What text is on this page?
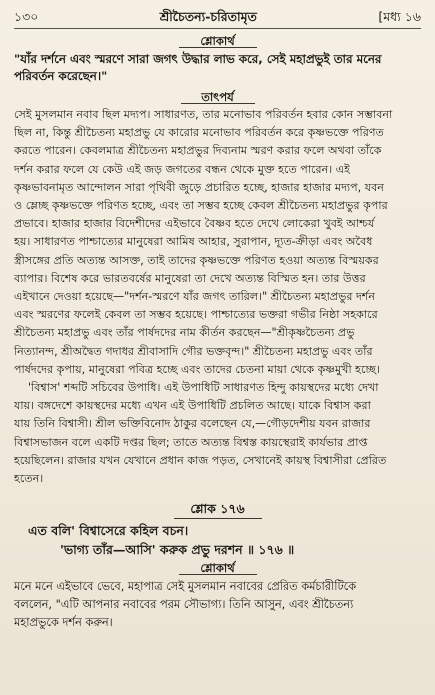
১৩০	শ্রীচৈতন্য-চরিতামৃত	[মধ্য ১৬
শ্লোকার্থ
"যাঁর দর্শনে এবং স্মরণে সারা জগৎ উদ্ধার লাভ করে, সেই মহাপ্রভুই তার মনের
পরিবর্তন করেছেন।"
তাৎপর্য
সেই মুসলমান নবাব ছিল মদ্যপ। সাধারণত, তার মনোভাব পরিবর্তন হবার কোন সম্ভাবনা
ছিল না, কিন্তু শ্রীচৈতন্য মহাপ্রভু যে কারোর মনোভাব পরিবর্তন করে কৃষ্ণভক্তে পরিণত
করতে পারেন। কেবলমাত্র শ্রীচৈতন্য মহাপ্রভুর দিব্যনাম স্মরণ করার ফলে অথবা তাঁকে
দর্শন করার ফলে যে কেউ এই জড় জগতের বন্ধন থেকে মুক্ত হতে পারেন। এই
কৃষ্ণভাবনামৃত আন্দোলন সারা পৃথিবী জুড়ে প্রচারিত হচ্ছে, হাজার হাজার মদ্যপ, যবন
ও ম্লেচ্ছ কৃষ্ণভক্তে পরিণত হচ্ছে, এবং তা সম্ভব হচ্ছে কেবল শ্রীচৈতন্য মহাপ্রভুর কৃপার
প্রভাবে। হাজার হাজার বিদেশীদের এইভাবে বৈষ্ণব হতে দেখে লোকেরা খুবই আশ্চর্য
হয়। সাধারণত পাশ্চাত্যের মানুষেরা আমিষ আহার, সুরাপান, দ্যূত-ক্রীড়া এবং অবৈধ
স্ত্রীসঙ্গের প্রতি অত্যন্ত আসক্ত, তাই তাদের কৃষ্ণভক্তে পরিণত হওয়া অত্যন্ত বিস্ময়কর
ব্যাপার। বিশেষ করে ভারতবর্ষের মানুষেরা তা দেখে অত্যন্ত বিস্মিত হন। তার উত্তর
এইখানে দেওয়া হয়েছে—"দর্শন-স্মরণে যাঁর জগৎ তারিল।" শ্রীচৈতন্য মহাপ্রভুর দর্শন
এবং স্মরণের ফলেই কেবল তা সম্ভব হয়েছে। পাশ্চাত্যের ভক্তরা গভীর নিষ্ঠা সহকারে
শ্রীচৈতন্য মহাপ্রভু এবং তাঁর পার্ষদদের নাম কীর্তন করছেন—"শ্রীকৃষ্ণচৈতন্য প্রভু
নিত্যানন্দ, শ্রীঅদ্বৈত গদাধর শ্রীবাসাদি গৌর ভক্তবৃন্দ।" শ্রীচৈতন্য মহাপ্রভু এবং তাঁর
পার্ষদদের কৃপায়, মানুষেরা পবিত্র হচ্ছে এবং তাদের চেতনা মায়া থেকে কৃষ্ণমুখী হচ্ছে।
'বিশ্বাস' শব্দটি সচিবের উপাধি। এই উপাধিটি সাধারণত হিন্দু কায়স্থদের মধ্যে দেখা
যায়। বঙ্গদেশে কায়স্থদের মধ্যে এখন এই উপাধিটি প্রচলিত আছে। যাকে বিশ্বাস করা
যায় তিনি বিশ্বাসী। শ্রীল ভক্তিবিনোদ ঠাকুর বলেছেন যে,—গৌড়দেশীয় যবন রাজার
বিশ্বাসভাজন বলে একটি দপ্তর ছিল; তাতে অত্যন্ত বিশ্বস্ত কায়স্থেরাই কার্যভার প্রাপ্ত
হয়েছিলেন। রাজার যখন যেখানে প্রধান কাজ পড়ত, সেখানেই কায়স্থ বিশ্বাসীরা প্রেরিত
হতেন।
শ্লোক ১৭৬
এত বলি' বিশ্বাসেরে কহিল বচন।
'ভাগ্য তাঁর—আসি' করুক প্রভু দরশন ॥ ১৭৬ ॥
শ্লোকার্থ
মনে মনে এইভাবে ভেবে, মহাপাত্র সেই মুসলমান নবাবের প্রেরিত কর্মচারীটিকে
বললেন, "এটি আপনার নবাবের পরম সৌভাগ্য। তিনি আসুন, এবং শ্রীচৈতন্য
মহাপ্রভুকে দর্শন করুন।
